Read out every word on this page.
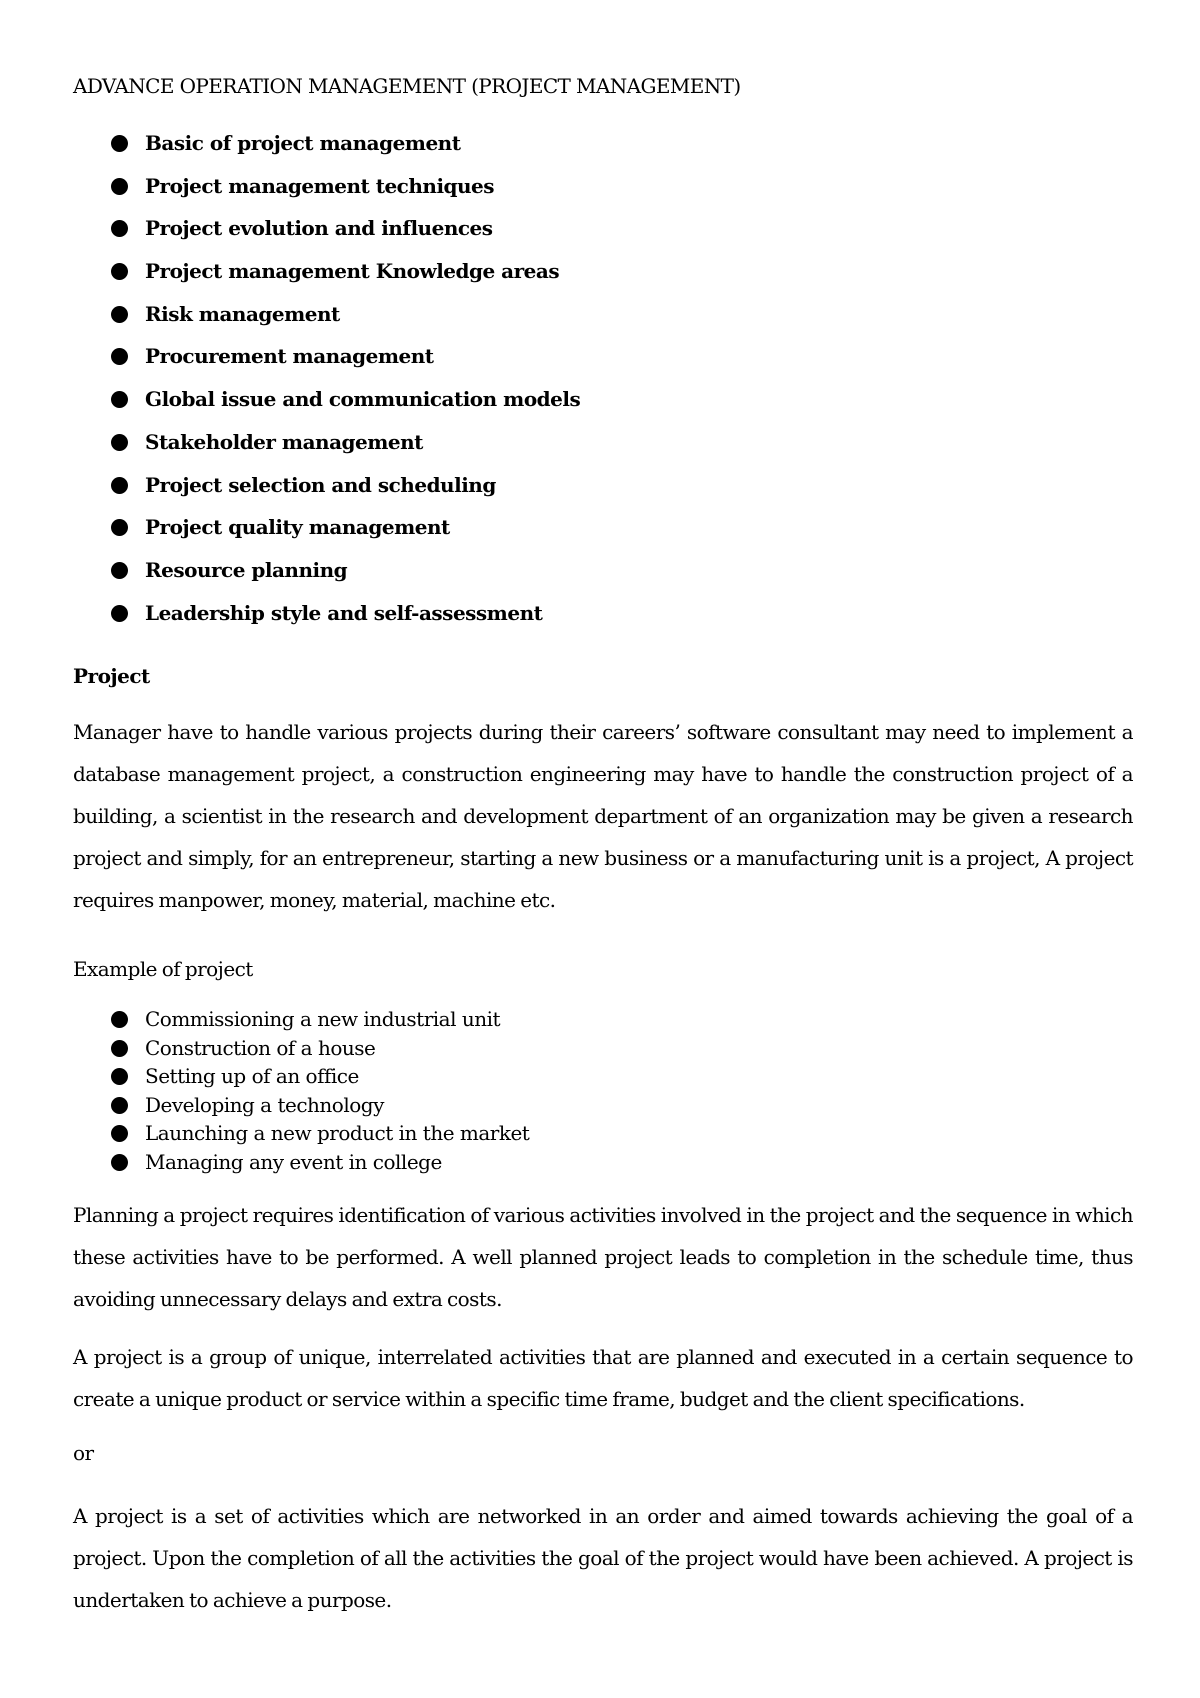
ADVANCE OPERATION MANAGEMENT (PROJECT MANAGEMENT)
Basic of project management
Project management techniques
Project evolution and influences
Project management Knowledge areas
Risk management
Procurement management
Global issue and communication models
Stakeholder management
Project selection and scheduling
Project quality management
Resource planning
Leadership style and self-assessment
Project

Manager have to handle various projects during their careers’ software consultant may need to implement a database management project, a construction engineering may have to handle the construction project of a building, a scientist in the research and development department of an organization may be given a research project and simply, for an entrepreneur, starting a new business or a manufacturing unit is a project, A project requires manpower, money, material, machine etc.

Example of project

Commissioning a new industrial unit
Construction of a house
Setting up of an office
Developing a technology
Launching a new product in the market
Managing any event in college

Planning a project requires identification of various activities involved in the project and the sequence in which these activities have to be performed. A well planned project leads to completion in the schedule time, thus avoiding unnecessary delays and extra costs.

A project is a group of unique, interrelated activities that are planned and executed in a certain sequence to create a unique product or service within a specific time frame, budget and the client specifications.

or

A project is a set of activities which are networked in an order and aimed towards achieving the goal of a project. Upon the completion of all the activities the goal of the project would have been achieved. A project is undertaken to achieve a purpose.
